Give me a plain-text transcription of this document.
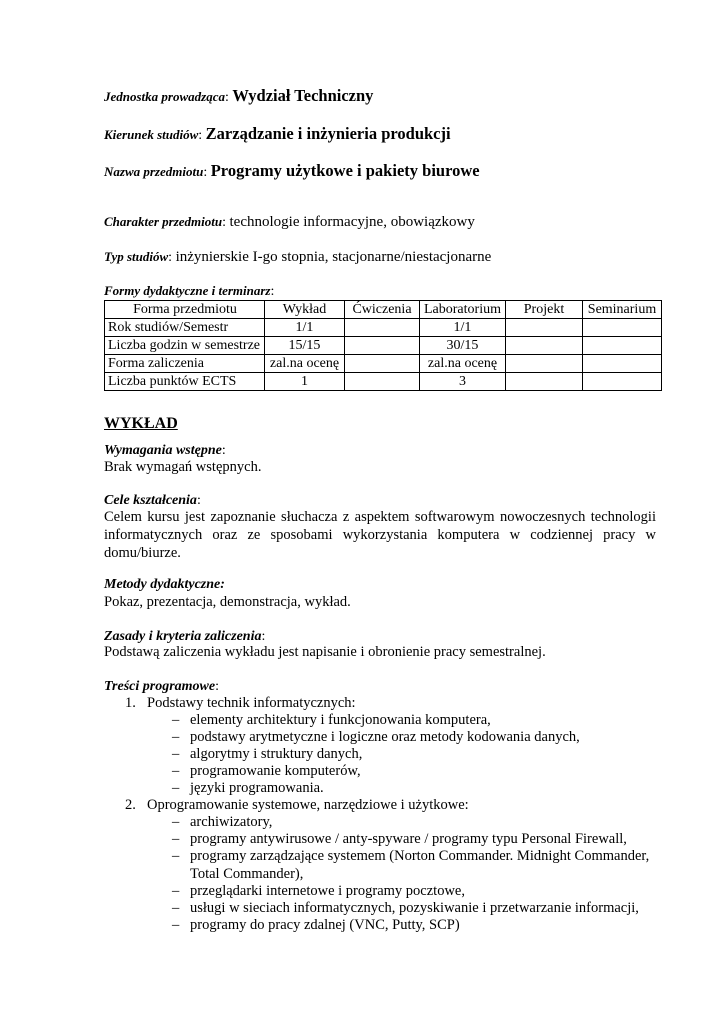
Jednostka prowadząca: Wydział Techniczny
Kierunek studiów: Zarządzanie i inżynieria produkcji
Nazwa przedmiotu: Programy użytkowe i pakiety biurowe
Charakter przedmiotu: technologie informacyjne, obowiązkowy
Typ studiów: inżynierskie I-go stopnia, stacjonarne/niestacjonarne
Formy dydaktyczne i terminarz:
Forma przedmiotu	Wykład	Ćwiczenia	Laboratorium	Projekt	Seminarium
Rok studiów/Semestr	1/1		1/1		
Liczba godzin w semestrze	15/15		30/15		
Forma zaliczenia	zal.na ocenę		zal.na ocenę		
Liczba punktów ECTS	1		3		
WYKŁAD
Wymagania wstępne:
Brak wymagań wstępnych.
Cele kształcenia:
Celem kursu jest zapoznanie słuchacza z aspektem softwarowym nowoczesnych technologii informatycznych oraz ze sposobami wykorzystania komputera w codziennej pracy w domu/biurze.
Metody dydaktyczne:
Pokaz, prezentacja, demonstracja, wykład.
Zasady i kryteria zaliczenia:
Podstawą zaliczenia wykładu jest napisanie i obronienie pracy semestralnej.
Treści programowe:
1. Podstawy technik informatycznych:
– elementy architektury i funkcjonowania komputera,
– podstawy arytmetyczne i logiczne oraz metody kodowania danych,
– algorytmy i struktury danych,
– programowanie komputerów,
– języki programowania.
2. Oprogramowanie systemowe, narzędziowe i użytkowe:
– archiwizatory,
– programy antywirusowe / anty-spyware / programy typu Personal Firewall,
– programy zarządzające systemem (Norton Commander. Midnight Commander, Total Commander),
– przeglądarki internetowe i programy pocztowe,
– usługi w sieciach informatycznych, pozyskiwanie i przetwarzanie informacji,
– programy do pracy zdalnej (VNC, Putty, SCP)
